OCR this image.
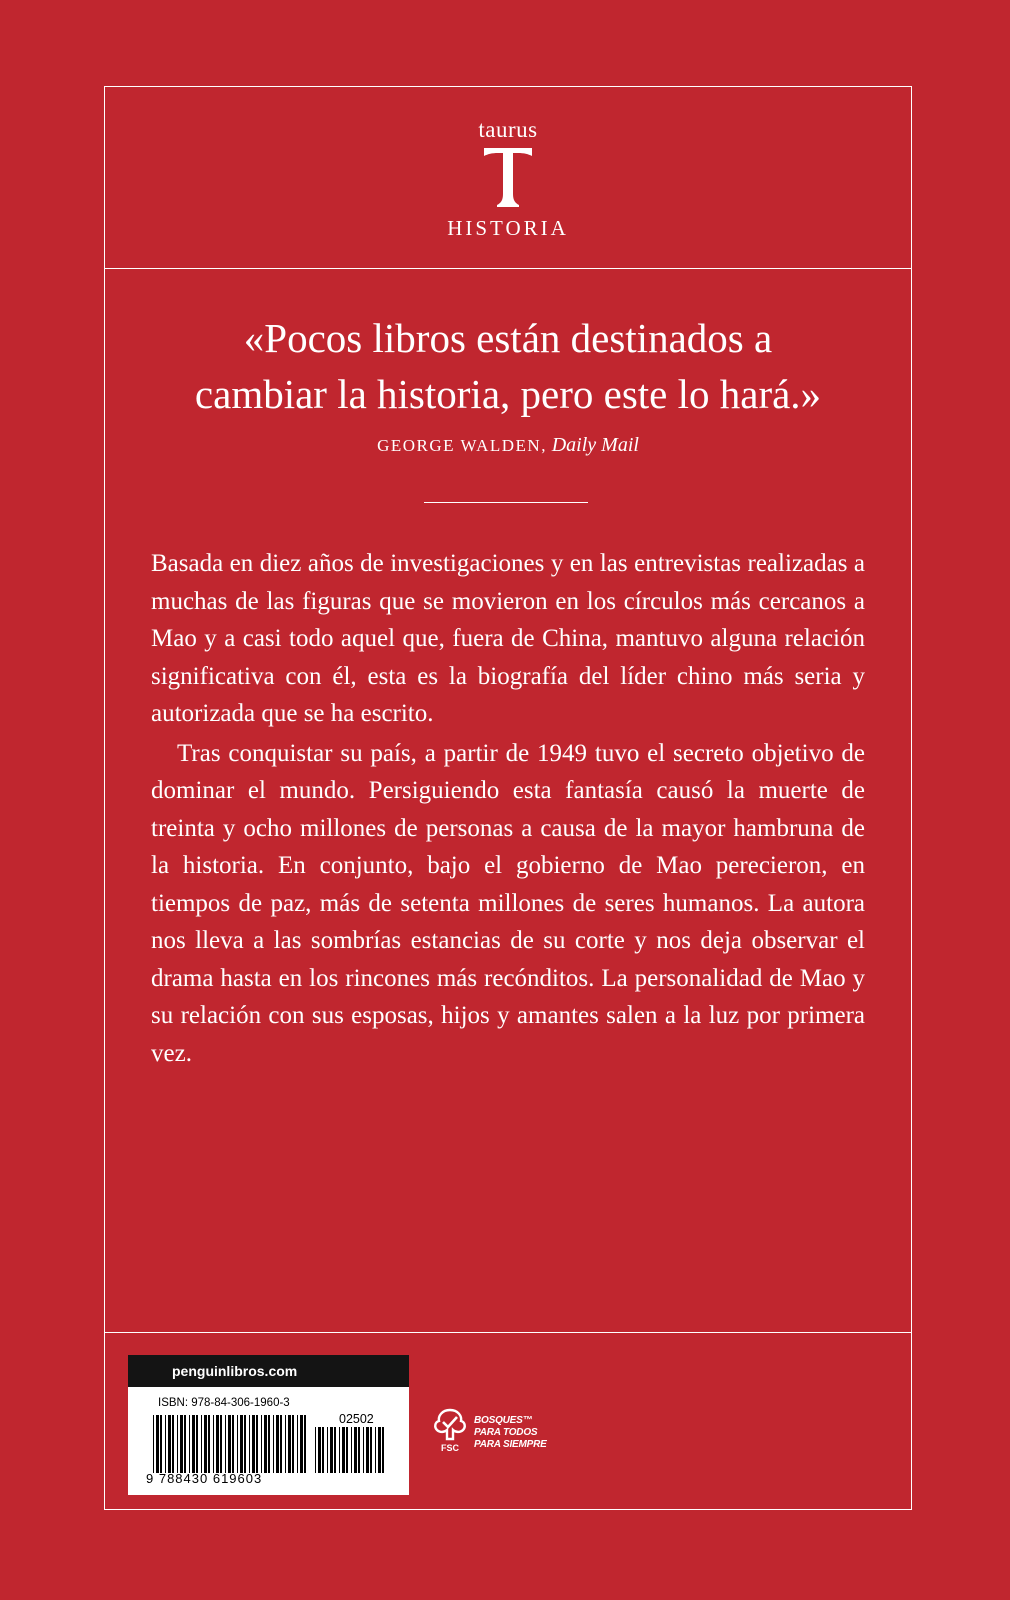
taurus
HISTORIA

«Pocos libros están destinados a

cambiar la historia, pero este lo hará.»

GEORGE WALDEN, Daily Mail

Basada en diez años de investigaciones y en las entrevistas realizadas a muchas de las figuras que se movieron en los círculos más cercanos a Mao y a casi todo aquel que, fuera de China, mantuvo alguna relación significativa con él, esta es la biografía del líder chino más seria y autorizada que se ha escrito.

Tras conquistar su país, a partir de 1949 tuvo el secreto objetivo de dominar el mundo. Persiguiendo esta fantasía causó la muerte de treinta y ocho millones de personas a causa de la mayor hambruna de la historia. En conjunto, bajo el gobierno de Mao perecieron, en tiempos de paz, más de setenta millones de seres humanos. La autora nos lleva a las sombrías estancias de su corte y nos deja observar el drama hasta en los rincones más recónditos. La personalidad de Mao y su relación con sus esposas, hijos y amantes salen a la luz por primera vez.

penguinlibros.com
ISBN: 978-84-306-1960-3
02502
9 788430 619603
FSC
BOSQUES™
PARA TODOS
PARA SIEMPRE
